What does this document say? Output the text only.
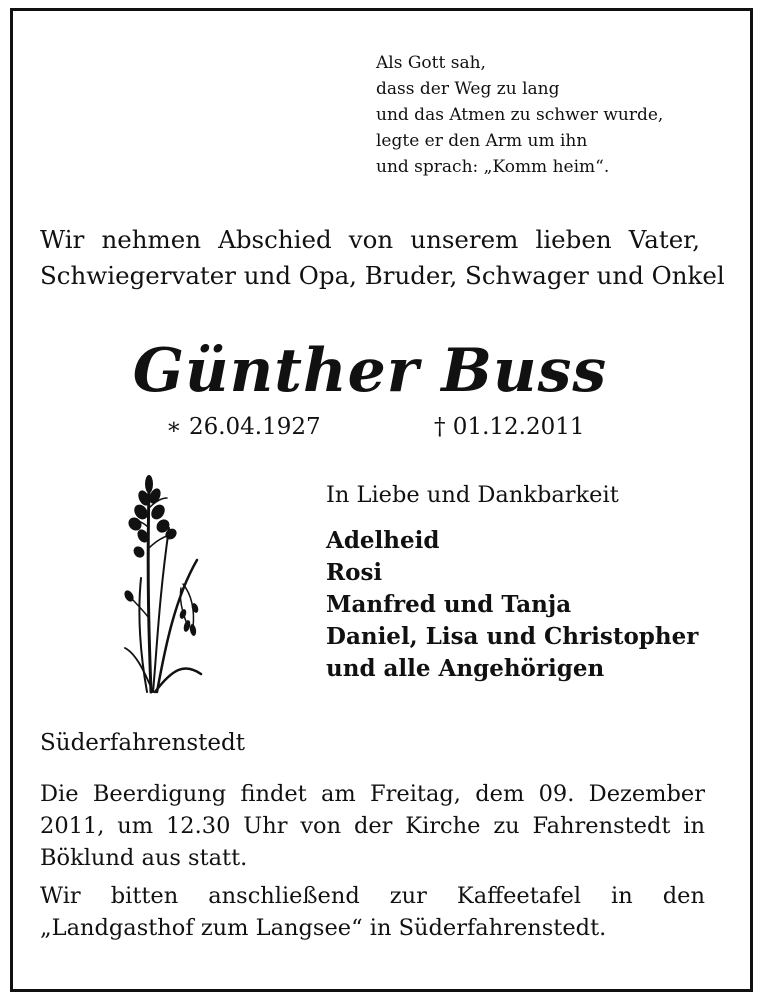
Als Gott sah,
dass der Weg zu lang
und das Atmen zu schwer wurde,
legte er den Arm um ihn
und sprach: „Komm heim“.
Wir nehmen Abschied von unserem lieben Vater,
Schwiegervater und Opa, Bruder, Schwager und Onkel
Günther Buss
∗ 26.04.1927	† 01.12.2011
In Liebe und Dankbarkeit
Adelheid
Rosi
Manfred und Tanja
Daniel, Lisa und Christopher
und alle Angehörigen
Süderfahrenstedt
Die Beerdigung findet am Freitag, dem 09. Dezember
2011, um 12.30 Uhr von der Kirche zu Fahrenstedt in
Böklund aus statt.
Wir bitten anschließend zur Kaffeetafel in den
„Landgasthof zum Langsee“ in Süderfahrenstedt.
